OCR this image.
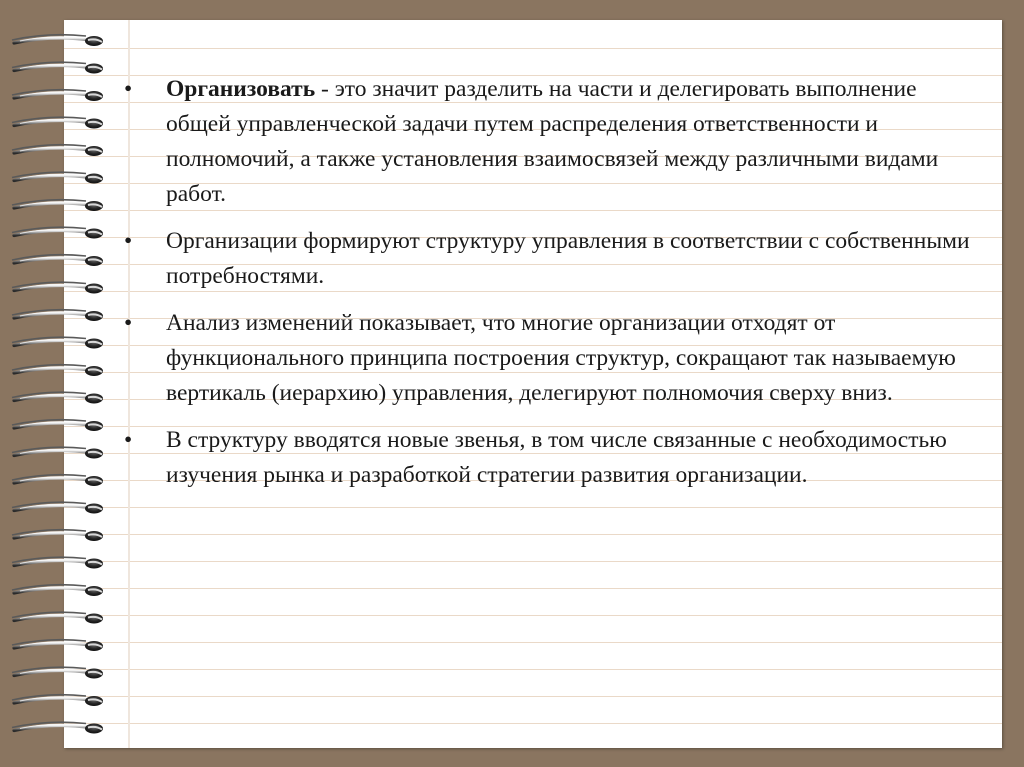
• Организовать - это значит разделить на части и делегировать выполнение общей управленческой задачи путем распределения ответственности и полномочий, а также установления взаимосвязей между различными видами работ.
• Организации формируют структуру управления в соответствии с собственными потребностями.
• Анализ изменений показывает, что многие организации отходят от функционального принципа построения структур, сокращают так называемую вертикаль (иерархию) управления, делегируют полномочия сверху вниз.
• В структуру вводятся новые звенья, в том числе связанные с необходимостью изучения рынка и разработкой стратегии развития организации.
